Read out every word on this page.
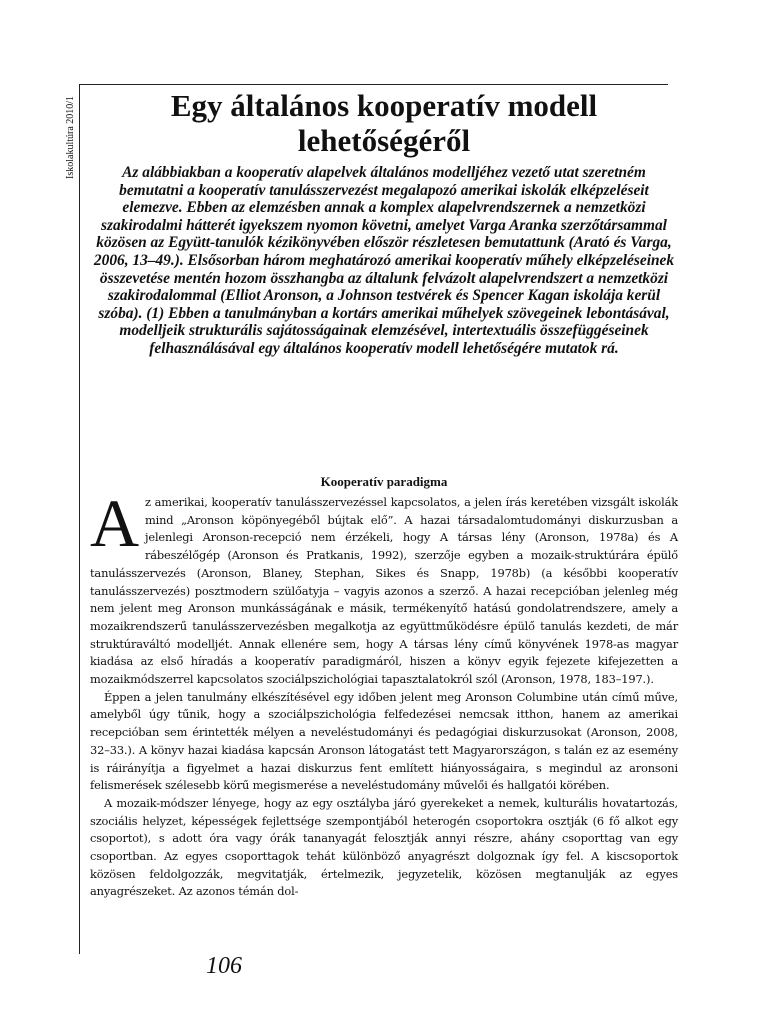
Iskolakultúra 2010/1	Egy általános kooperatív modell
lehetőségéről
Az alábbiakban a kooperatív alapelvek általános modelljéhez vezető utat szeretném bemutatni a kooperatív tanulásszervezést megalapozó amerikai iskolák elképzeléseit elemezve. Ebben az elemzésben annak a komplex alapelvrendszernek a nemzetközi szakirodalmi hátterét igyekszem nyomon követni, amelyet Varga Aranka szerzőtársammal közösen az Együtt-tanulók kézikönyvében először részletesen bemutattunk (Arató és Varga, 2006, 13–49.). Elsősorban három meghatározó amerikai kooperatív műhely elképzeléseinek összevetése mentén hozom összhangba az általunk felvázolt alapelvrendszert a nemzetközi szakirodalommal (Elliot Aronson, a Johnson testvérek és Spencer Kagan iskolája kerül szóba). (1) Ebben a tanulmányban a kortárs amerikai műhelyek szövegeinek lebontásával, modelljeik strukturális sajátosságainak elemzésével, intertextuális összefüggéseinek felhasználásával egy általános kooperatív modell lehetőségére mutatok rá.
Kooperatív paradigma

Az amerikai, kooperatív tanulásszervezéssel kapcsolatos, a jelen írás keretében vizsgált iskolák mind „Aronson köpönyegéből bújtak elő”. A hazai társadalomtudományi diskurzusban a jelenlegi Aronson-recepció nem érzékeli, hogy A társas lény (Aronson, 1978a) és A rábeszélőgép (Aronson és Pratkanis, 1992), szerzője egyben a mozaik-struktúrára épülő tanulásszervezés (Aronson, Blaney, Stephan, Sikes és Snapp, 1978b) (a későbbi kooperatív tanulásszervezés) posztmodern szülőatyja – vagyis azonos a szerző. A hazai recepcióban jelenleg még nem jelent meg Aronson munkásságának e másik, termékenyítő hatású gondolatrendszere, amely a mozaikrendszerű tanulásszervezésben megalkotja az együttműködésre épülő tanulás kezdeti, de már struktúraváltó modelljét. Annak ellenére sem, hogy A társas lény című könyvének 1978-as magyar kiadása az első híradás a kooperatív paradigmáról, hiszen a könyv egyik fejezete kifejezetten a mozaikmódszerrel kapcsolatos szociálpszichológiai tapasztalatokról szól (Aronson, 1978, 183–197.).

Éppen a jelen tanulmány elkészítésével egy időben jelent meg Aronson Columbine után című műve, amelyből úgy tűnik, hogy a szociálpszichológia felfedezései nemcsak itthon, hanem az amerikai recepcióban sem érintették mélyen a neveléstudományi és pedagógiai diskurzusokat (Aronson, 2008, 32–33.). A könyv hazai kiadása kapcsán Aronson látogatást tett Magyarországon, s talán ez az esemény is ráirányítja a figyelmet a hazai diskurzus fent említett hiányosságaira, s megindul az aronsoni felismerések szélesebb körű megismerése a neveléstudomány művelői és hallgatói körében.

A mozaik-módszer lényege, hogy az egy osztályba járó gyerekeket a nemek, kulturális hovatartozás, szociális helyzet, képességek fejlettsége szempontjából heterogén csoportokra osztják (6 fő alkot egy csoportot), s adott óra vagy órák tananyagát felosztják annyi részre, ahány csoporttag van egy csoportban. Az egyes csoporttagok tehát különböző anyagrészt dolgoznak így fel. A kiscsoportok közösen feldolgozzák, megvitatják, értelmezik, jegyzetelik, közösen megtanulják az egyes anyagrészeket. Az azonos témán dol-

106
